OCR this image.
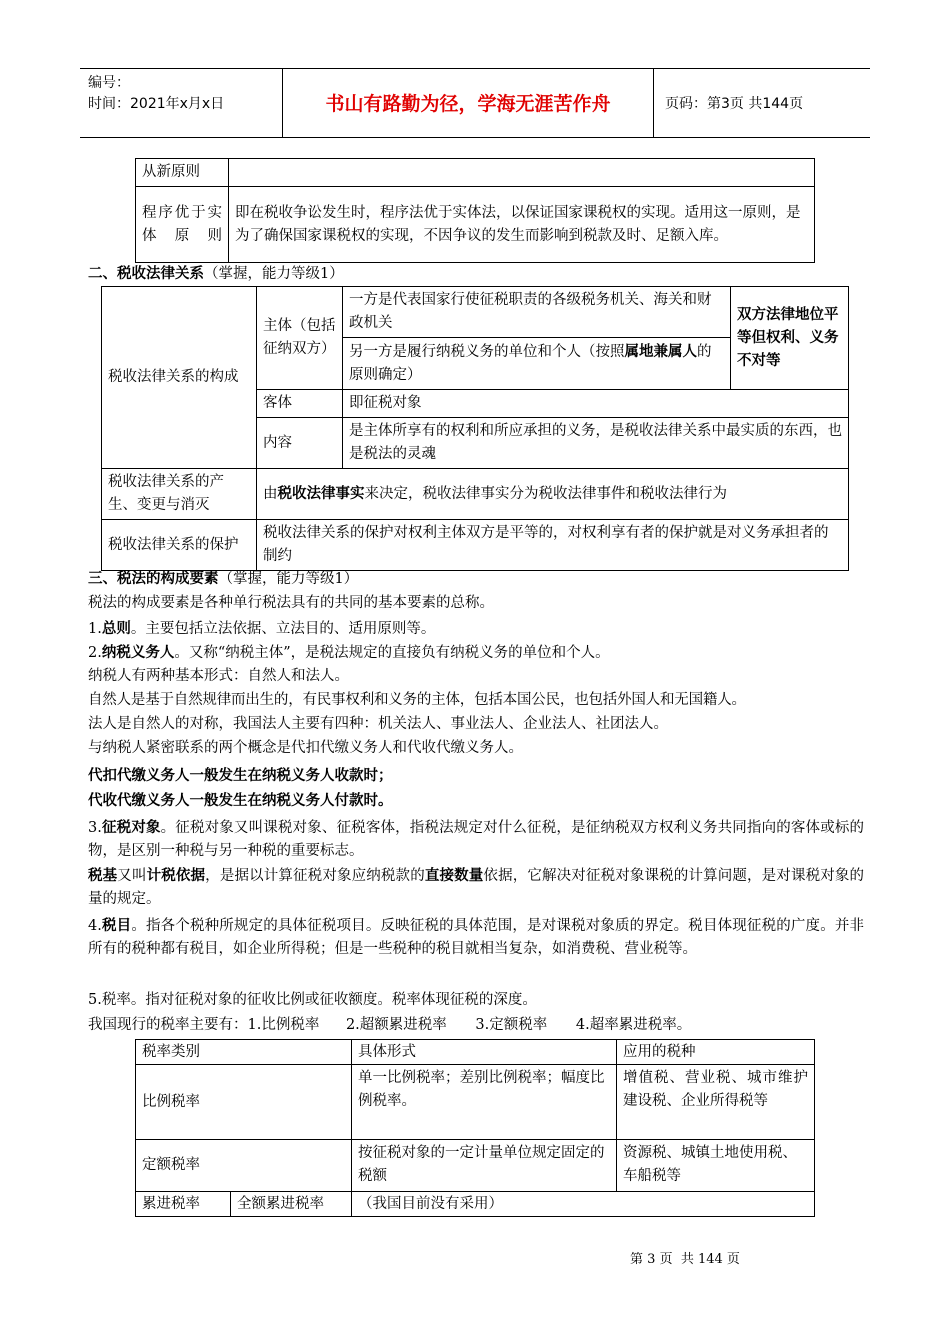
编号：
时间：2021年x月x日	书山有路勤为径，学海无涯苦作舟	页码：第3页 共144页
从新原则	
程序优于实体原则	即在税收争讼发生时，程序法优于实体法，以保证国家课税权的实现。适用这一原则，是为了确保国家课税权的实现，不因争议的发生而影响到税款及时、足额入库。
二、税收法律关系（掌握，能力等级1）
税收法律关系的构成	主体（包括征纳双方）	一方是代表国家行使征税职责的各级税务机关、海关和财政机关	双方法律地位平等但权利、义务不对等
		另一方是履行纳税义务的单位和个人（按照属地兼属人的原则确定）	
	客体	即征税对象	
	内容	是主体所享有的权利和所应承担的义务，是税收法律关系中最实质的东西，也是税法的灵魂	
税收法律关系的产生、变更与消灭	由税收法律事实来决定，税收法律事实分为税收法律事件和税收法律行为		
税收法律关系的保护	税收法律关系的保护对权利主体双方是平等的，对权利享有者的保护就是对义务承担者的制约		
三、税法的构成要素（掌握，能力等级1）
税法的构成要素是各种单行税法具有的共同的基本要素的总称。
1.总则。主要包括立法依据、立法目的、适用原则等。
2.纳税义务人。又称“纳税主体”，是税法规定的直接负有纳税义务的单位和个人。
纳税人有两种基本形式：自然人和法人。
自然人是基于自然规律而出生的，有民事权利和义务的主体，包括本国公民，也包括外国人和无国籍人。
法人是自然人的对称，我国法人主要有四种：机关法人、事业法人、企业法人、社团法人。
与纳税人紧密联系的两个概念是代扣代缴义务人和代收代缴义务人。
代扣代缴义务人一般发生在纳税义务人收款时；
代收代缴义务人一般发生在纳税义务人付款时。
3.征税对象。征税对象又叫课税对象、征税客体，指税法规定对什么征税，是征纳税双方权利义务共同指向的客体或标的物，是区别一种税与另一种税的重要标志。
税基又叫计税依据，是据以计算征税对象应纳税款的直接数量依据，它解决对征税对象课税的计算问题，是对课税对象的量的规定。
4.税目。指各个税种所规定的具体征税项目。反映征税的具体范围，是对课税对象质的界定。税目体现征税的广度。并非所有的税种都有税目，如企业所得税；但是一些税种的税目就相当复杂，如消费税、营业税等。
5.税率。指对征税对象的征收比例或征收额度。税率体现征税的深度。
我国现行的税率主要有：1.比例税率 2.超额累进税率 3.定额税率 4.超率累进税率。
税率类别		具体形式	应用的税种
比例税率		单一比例税率；差别比例税率；幅度比例税率。	增值税、营业税、城市维护建设税、企业所得税等
定额税率		按征税对象的一定计量单位规定固定的税额	资源税、城镇土地使用税、车船税等
累进税率	全额累进税率	（我国目前没有采用）	
第 3 页  共 144 页
